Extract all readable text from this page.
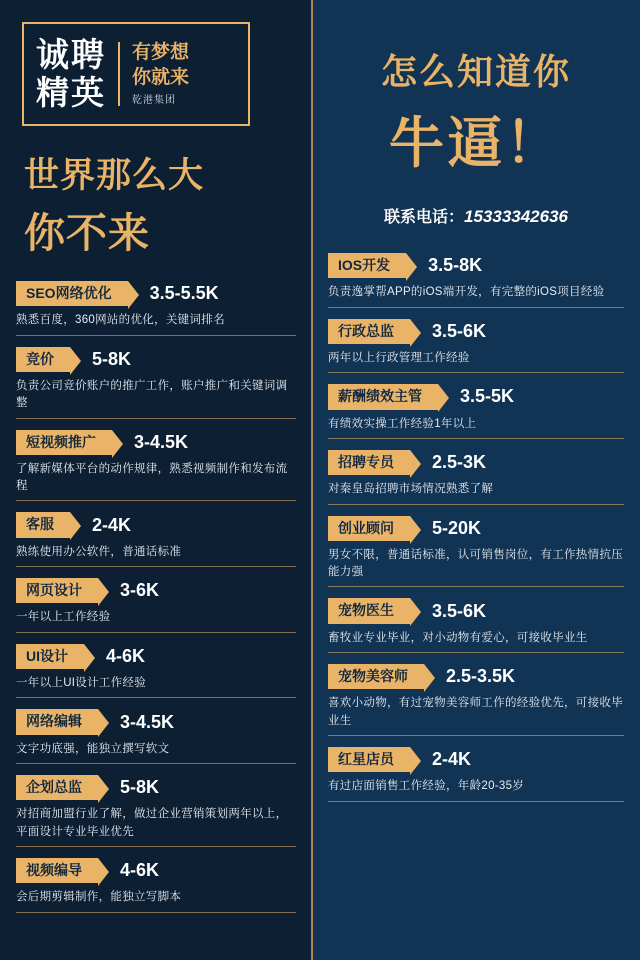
诚聘
精英
有梦想
你就来
乾港集团
世界那么大
你不来
SEO网络优化	3.5-5.5K
熟悉百度，360网站的优化，关键词排名
竞价	5-8K
负责公司竞价账户的推广工作，账户推广和关键词调整
短视频推广	3-4.5K
了解新媒体平台的动作规律，熟悉视频制作和发布流程
客服	2-4K
熟练使用办公软件，普通话标准
网页设计	3-6K
一年以上工作经验
UI设计	4-6K
一年以上UI设计工作经验
网络编辑	3-4.5K
文字功底强，能独立撰写软文
企划总监	5-8K
对招商加盟行业了解，做过企业营销策划两年以上，平面设计专业毕业优先
视频编导	4-6K
会后期剪辑制作，能独立写脚本
怎么知道你
牛逼！
联系电话：15333342636
IOS开发	3.5-8K
负责逸掌帮APP的iOS端开发，有完整的iOS项目经验
行政总监	3.5-6K
两年以上行政管理工作经验
薪酬绩效主管	3.5-5K
有绩效实操工作经验1年以上
招聘专员	2.5-3K
对秦皇岛招聘市场情况熟悉了解
创业顾问	5-20K
男女不限，普通话标准，认可销售岗位，有工作热情抗压能力强
宠物医生	3.5-6K
畜牧业专业毕业，对小动物有爱心，可接收毕业生
宠物美容师	2.5-3.5K
喜欢小动物，有过宠物美容师工作的经验优先，可接收毕业生
红星店员	2-4K
有过店面销售工作经验，年龄20-35岁
